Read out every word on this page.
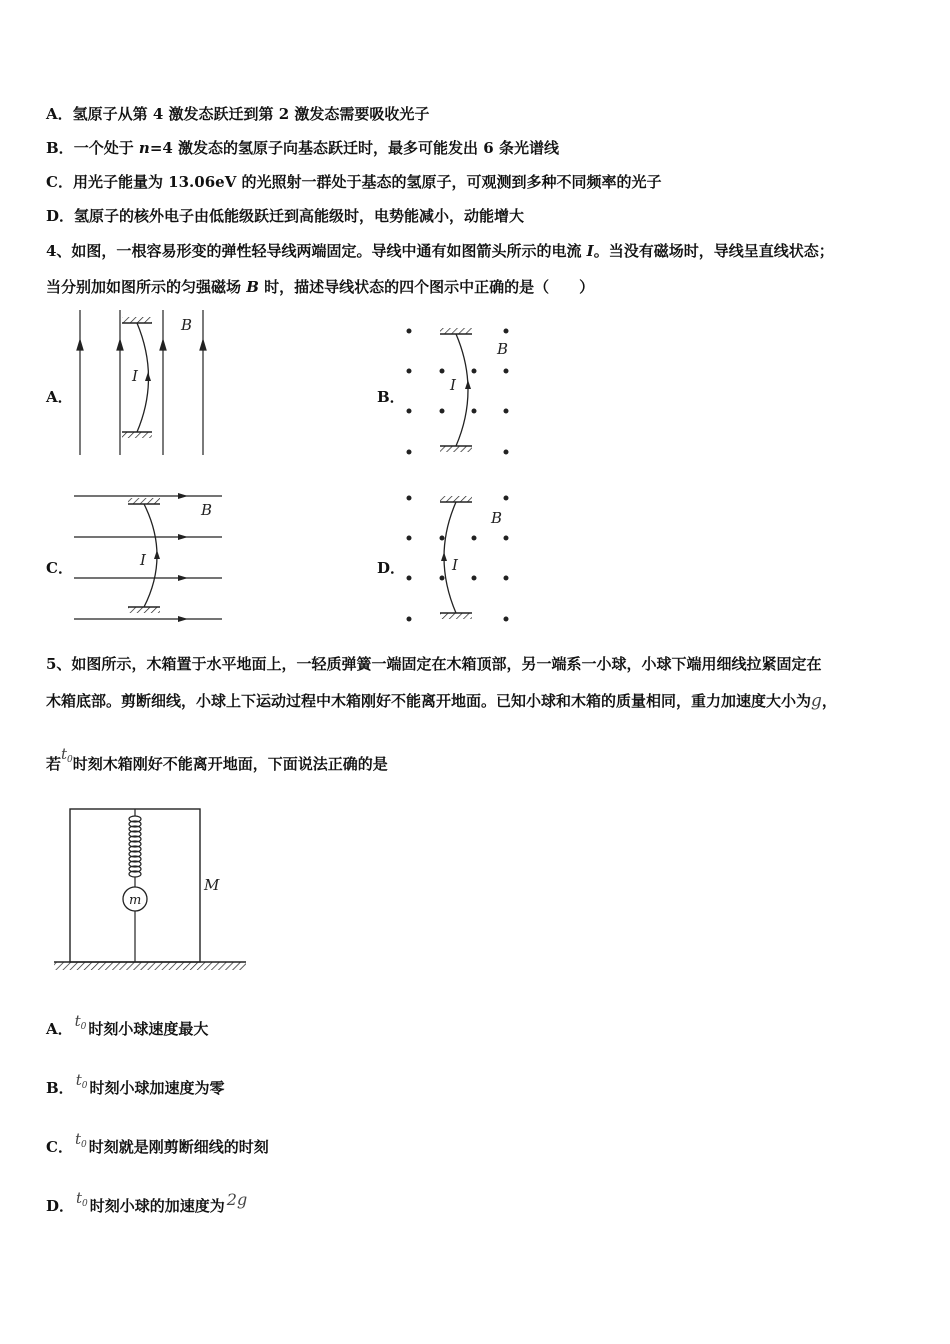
A．氢原子从第 4 激发态跃迁到第 2 激发态需要吸收光子
B．一个处于 n=4 激发态的氢原子向基态跃迁时，最多可能发出 6 条光谱线
C．用光子能量为 13.06eV 的光照射一群处于基态的氢原子，可观测到多种不同频率的光子
D．氢原子的核外电子由低能级跃迁到高能级时，电势能减小，动能增大
4、如图，一根容易形变的弹性轻导线两端固定。导线中通有如图箭头所示的电流 I。当没有磁场时，导线呈直线状态；
当分别加如图所示的匀强磁场 B 时，描述导线状态的四个图示中正确的是（　　）
A．	B．
C．	D．
I
B
I
B
I
B
I
B
5、如图所示，木箱置于水平地面上，一轻质弹簧一端固定在木箱顶部，另一端系一小球，小球下端用细线拉紧固定在
木箱底部。剪断细线，小球上下运动过程中木箱刚好不能离开地面。已知小球和木箱的质量相同，重力加速度大小为g，
若$t_0$时刻木箱刚好不能离开地面，下面说法正确的是
m
M
A． $t_0$ 时刻小球速度最大
B． $t_0$ 时刻小球加速度为零
C． $t_0$ 时刻就是刚剪断细线的时刻
D． $t_0$ 时刻小球的加速度为 2g
